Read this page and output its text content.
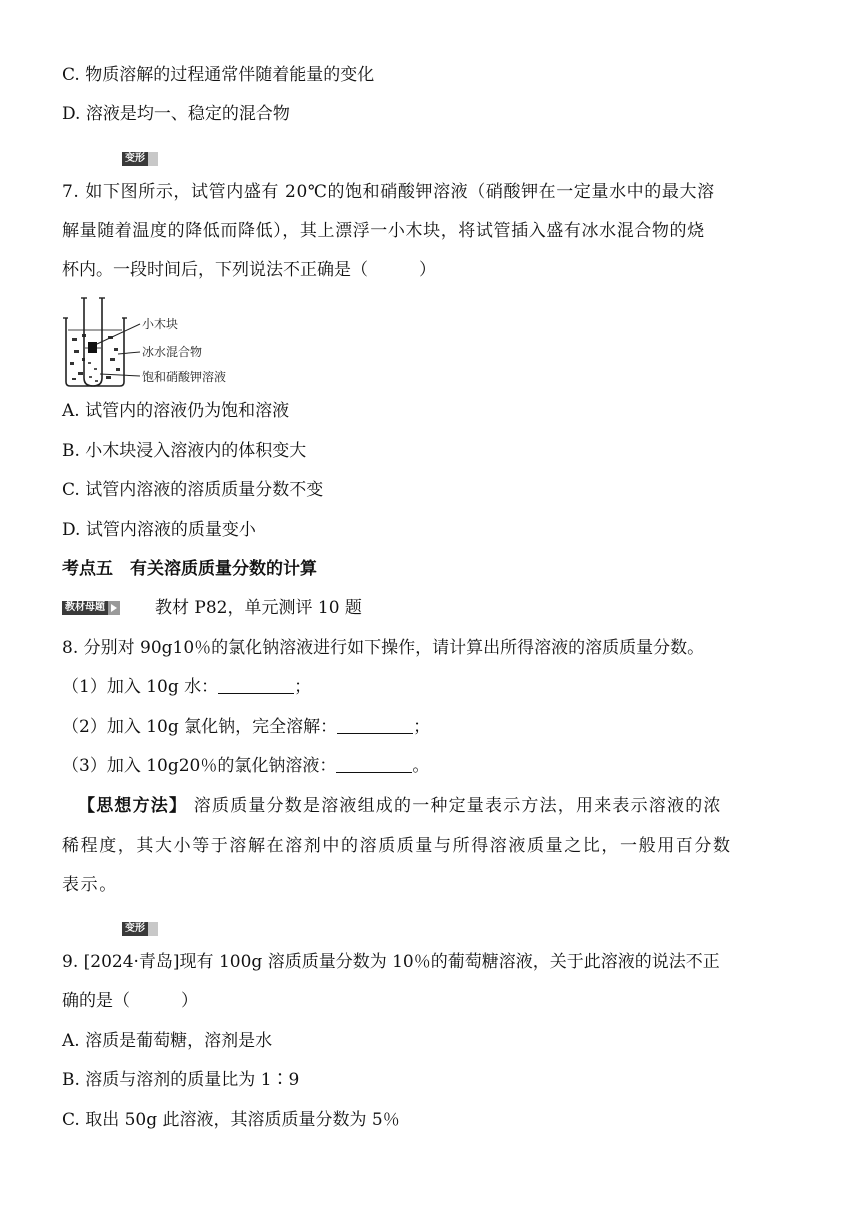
C. 物质溶解的过程通常伴随着能量的变化
D. 溶液是均一、稳定的混合物
变形
7. 如下图所示，试管内盛有 20℃的饱和硝酸钾溶液（硝酸钾在一定量水中的最大溶
解量随着温度的降低而降低），其上漂浮一小木块，将试管插入盛有冰水混合物的烧
杯内。一段时间后，下列说法不正确是（　　　）
小木块
冰水混合物
饱和硝酸钾溶液
A. 试管内的溶液仍为饱和溶液
B. 小木块浸入溶液内的体积变大
C. 试管内溶液的溶质质量分数不变
D. 试管内溶液的质量变小
考点五　有关溶质质量分数的计算
教材母题	教材 P82，单元测评 10 题
8. 分别对 90g10％的氯化钠溶液进行如下操作，请计算出所得溶液的溶质质量分数。
（1）加入 10g 水：	；
（2）加入 10g 氯化钠，完全溶解：	；
（3）加入 10g20％的氯化钠溶液：	。
【思想方法】 溶质质量分数是溶液组成的一种定量表示方法，用来表示溶液的浓
稀程度，其大小等于溶解在溶剂中的溶质质量与所得溶液质量之比，一般用百分数
表示。
变形
9. [2024·青岛]现有 100g 溶质质量分数为 10％的葡萄糖溶液，关于此溶液的说法不正
确的是（　　　）
A. 溶质是葡萄糖，溶剂是水
B. 溶质与溶剂的质量比为 1∶9
C. 取出 50g 此溶液，其溶质质量分数为 5％
